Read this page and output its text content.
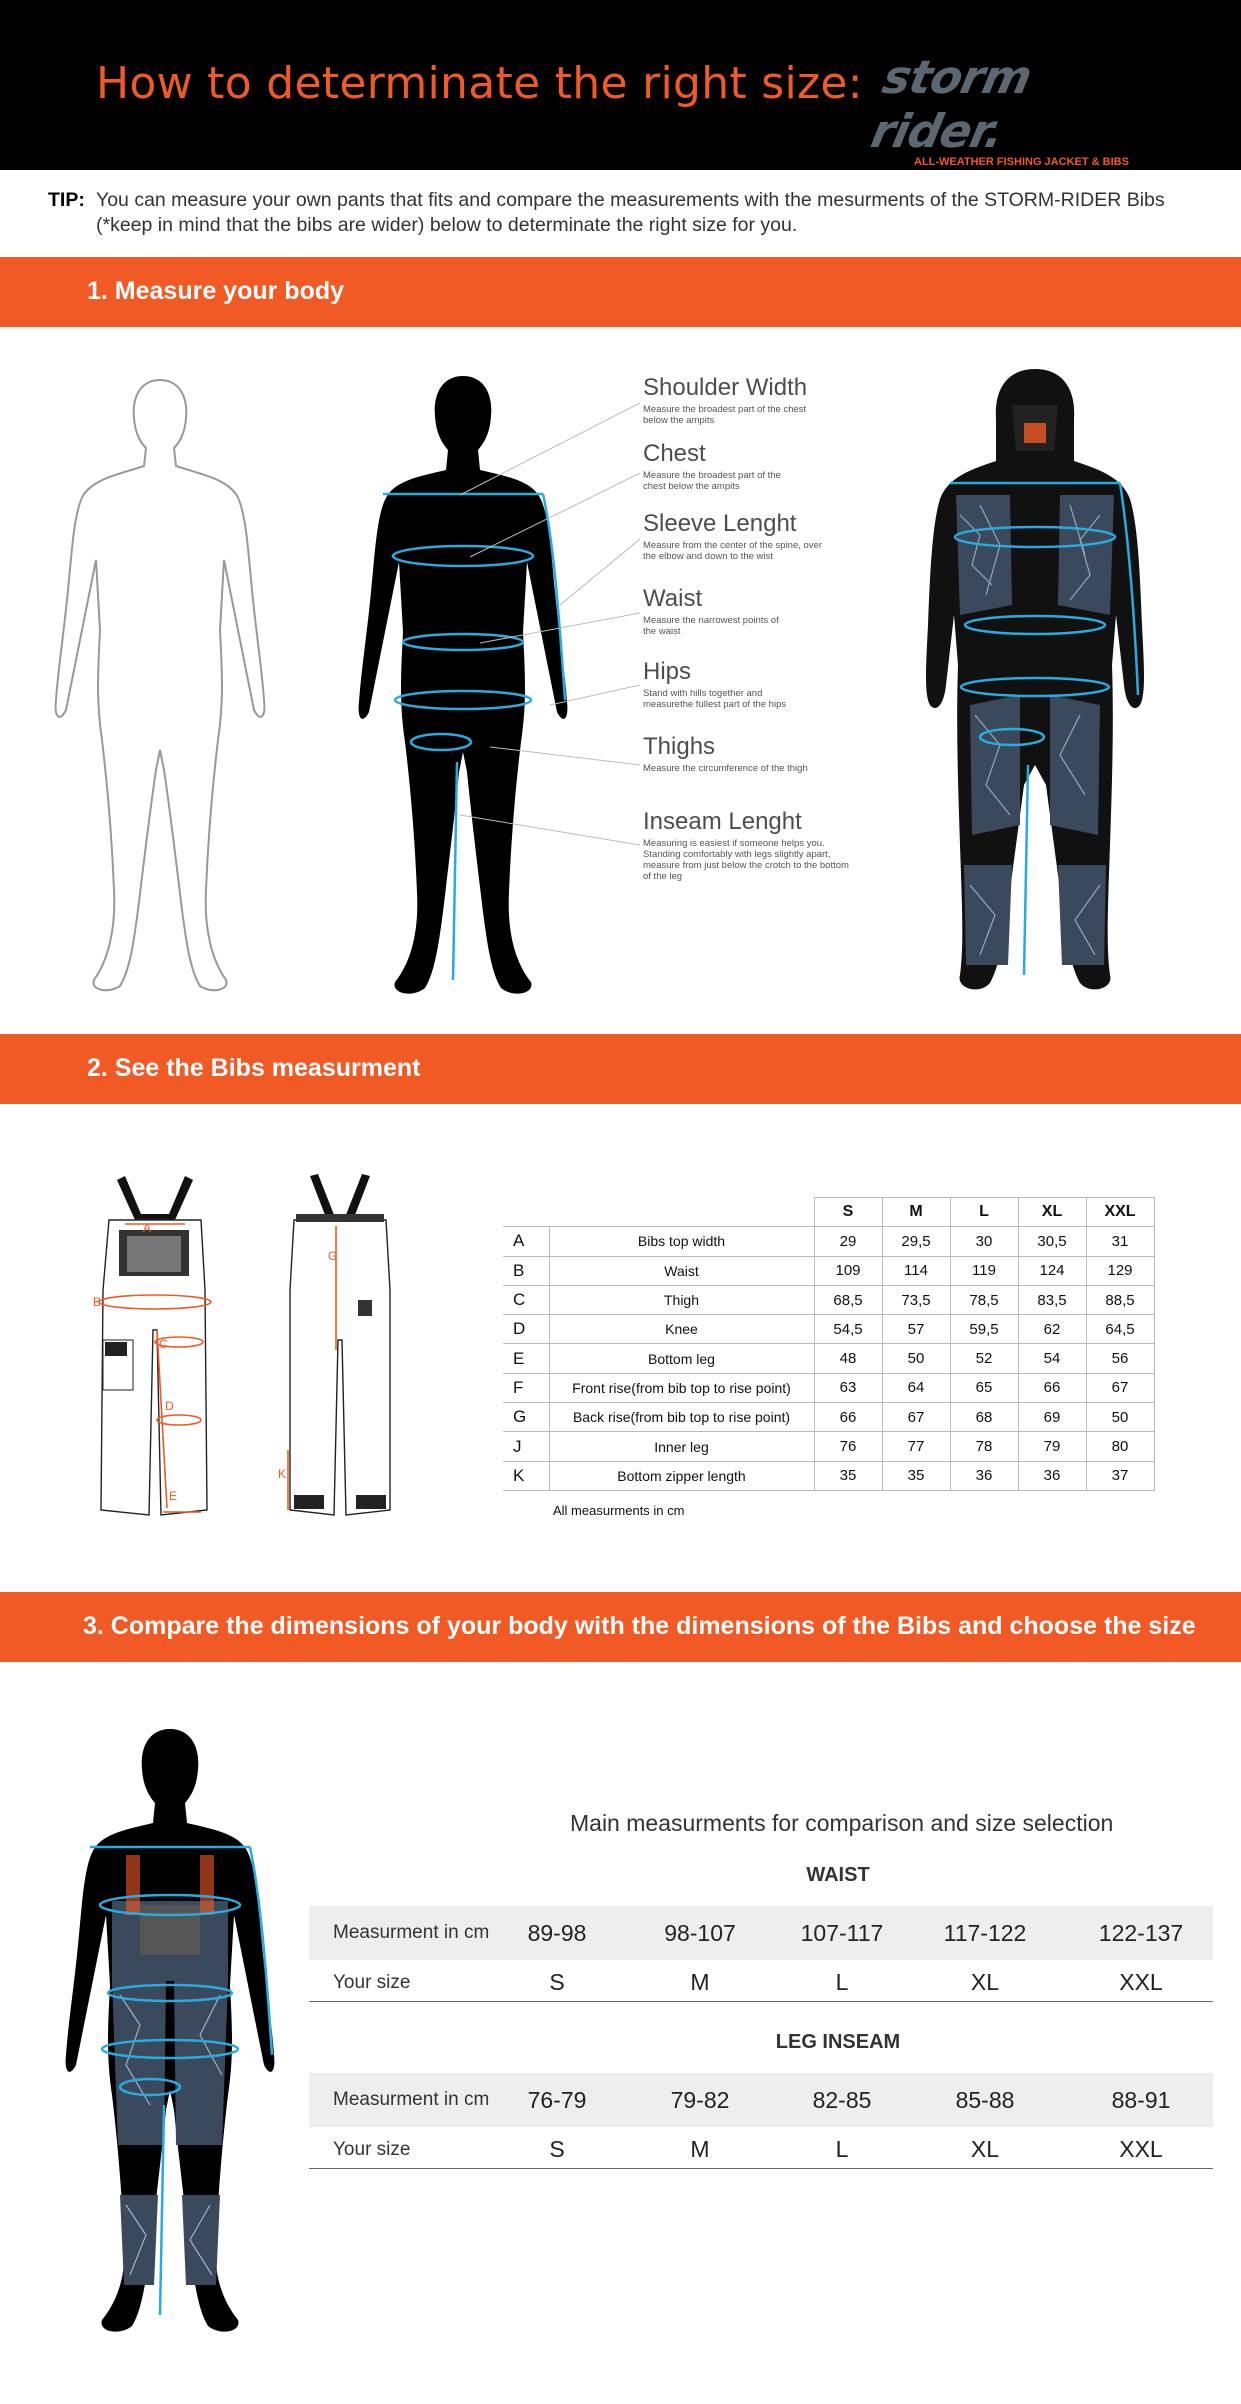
How to determinate the right size: storm rider.
ALL-WEATHER FISHING JACKET & BIBS
TIP: You can measure your own pants that fits and compare the measurements with the mesurments of the STORM-RIDER Bibs (*keep in mind that the bibs are wider) below to determinate the right size for you.
1. Measure your body
Shoulder Width
Measure the broadest part of the chest below the ampits
Chest
Measure the broadest part of the chest below the ampits
Sleeve Lenght
Measure from the center of the spine, over the elbow and down to the wist
Waist
Measure the narrowest points of the waist
Hips
Stand with hills together and measurethe fullest part of the hips
Thighs
Measure the circumference of the thigh
Inseam Lenght
Measuring is easiest if someone helps you. Standing comfortably with legs slightly apart, measure from just below the crotch to the bottom of the leg
2. See the Bibs measurment
A
B
C
D
E
G
K
		S	M	L	XL	XXL
A	Bibs top width	29	29,5	30	30,5	31
B	Waist	109	114	119	124	129
C	Thigh	68,5	73,5	78,5	83,5	88,5
D	Knee	54,5	57	59,5	62	64,5
E	Bottom leg	48	50	52	54	56
F	Front rise(from bib top to rise point)	63	64	65	66	67
G	Back rise(from bib top to rise point)	66	67	68	69	50
J	Inner leg	76	77	78	79	80
K	Bottom zipper length	35	35	36	36	37
All measurments in cm
3. Compare the dimensions of your body with the dimensions of the Bibs and choose the size
Main measurments for comparison and size selection
WAIST
Measurment in cm	89-98	98-107	107-117	117-122	122-137
Your size	S	M	L	XL	XXL
LEG INSEAM
Measurment in cm	76-79	79-82	82-85	85-88	88-91
Your size	S	M	L	XL	XXL
